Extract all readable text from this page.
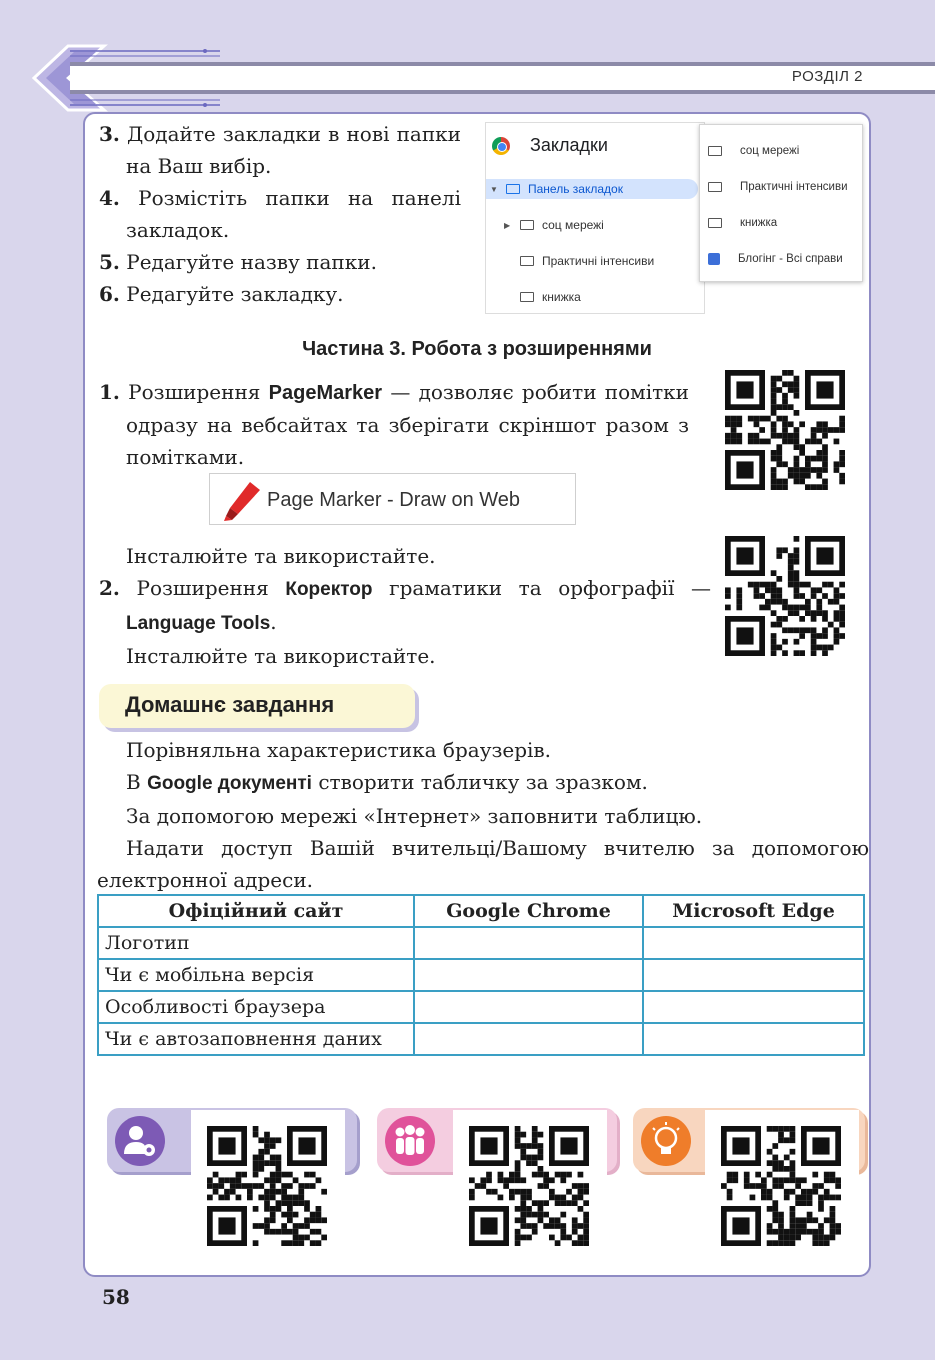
РОЗДІЛ 2
3. Додайте закладки в нові папки на Ваш вибір.
4. Розмістіть папки на панелі закладок.
5. Редагуйте назву папки.
6. Редагуйте закладку.
Закладки
▼	Панель закладок
▶	соц мережі
Практичні інтенсиви
книжка
соц мережі
Практичні інтенсиви
книжка
Блогінг - Всі справи
Частина 3. Робота з розширеннями
1. Розширення PageMarker — дозволяє робити помітки одразу на вебсайтах та зберігати скріншот разом з помітками.
Page Marker - Draw on Web
Інсталюйте та використайте.
2. Розширення Коректор граматики та орфографії — Language Tools.
Інсталюйте та використайте.
Домашнє завдання

Порівняльна характеристика браузерів.

В Google документі створити табличку за зразком.

За допомогою мережі «Інтернет» заповнити таблицю.

Надати доступ Вашій вчительці/Вашому вчителю за допомогою електронної адреси.

Офіційний сайт	Google Chrome	Microsoft Edge
Логотип		
Чи є мобільна версія		
Особливості браузера		
Чи є автозаповнення даних		
58
